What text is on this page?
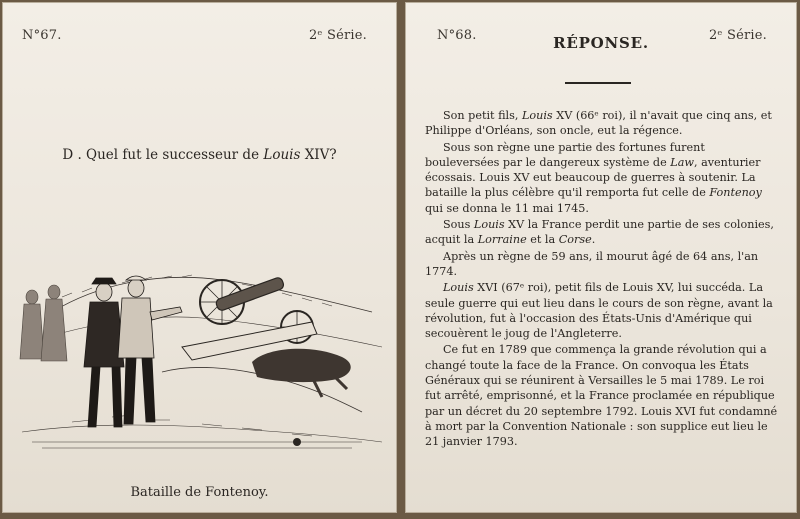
N°67.	2ᵉ Série.
D . Quel fut le successeur de Louis XIV?
Bataille de Fontenoy.
N°68.	RÉPONSE.	2ᵉ Série.

Son petit fils, Louis XV (66ᵉ roi), il n'avait que cinq ans, et Philippe d'Orléans, son oncle, eut la régence.

Sous son règne une partie des fortunes furent bouleversées par le dangereux système de Law, aventurier écossais. Louis XV eut beaucoup de guerres à soutenir. La bataille la plus célèbre qu'il remporta fut celle de Fontenoy qui se donna le 11 mai 1745.

Sous Louis XV la France perdit une partie de ses colonies, acquit la Lorraine et la Corse.

Après un règne de 59 ans, il mourut âgé de 64 ans, l'an 1774.

Louis XVI (67ᵉ roi), petit fils de Louis XV, lui succéda. La seule guerre qui eut lieu dans le cours de son règne, avant la révolution, fut à l'occasion des États-Unis d'Amérique qui secouèrent le joug de l'Angleterre.

Ce fut en 1789 que commença la grande révolution qui a changé toute la face de la France. On convoqua les États Généraux qui se réunirent à Versailles le 5 mai 1789. Le roi fut arrêté, emprisonné, et la France proclamée en république par un décret du 20 septembre 1792. Louis XVI fut condamné à mort par la Convention Nationale : son supplice eut lieu le 21 janvier 1793.
